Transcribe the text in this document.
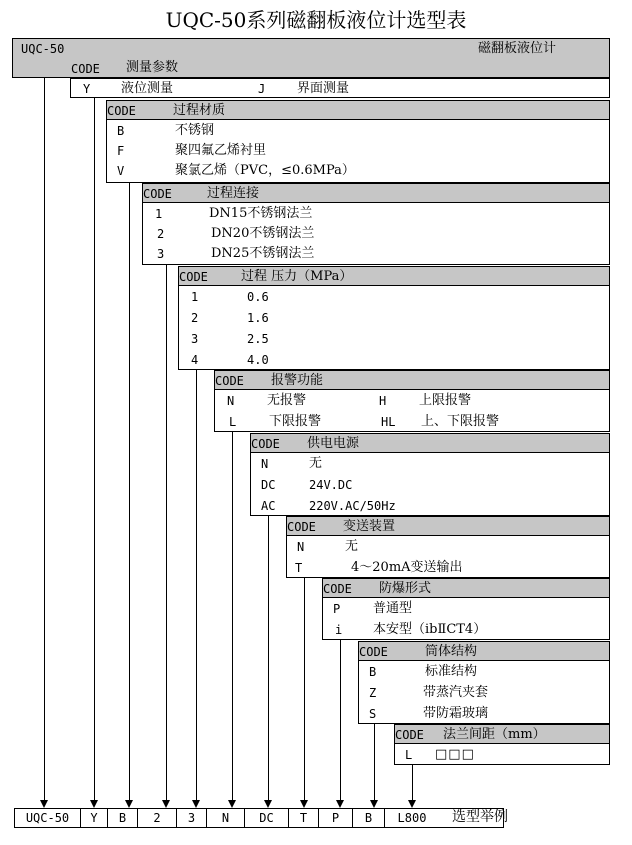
UQC-50系列磁翻板液位计选型表
UQC-50	磁翻板液位计
CODE 测量参数
Y 液位测量	J 界面测量
CODE	过程材质
B	不锈钢
F	聚四氟乙烯衬里
V	聚氯乙烯（PVC，≤0.6MPa）
CODE	过程连接
1	DN15不锈钢法兰
2	DN20不锈钢法兰
3	DN25不锈钢法兰
CODE	过程 压力（MPa）
1	0.6
2	1.6
3	2.5
4	4.0
CODE 报警功能
N	无报警	H	上限报警
L	下限报警	HL 上、下限报警
CODE 供电电源
N	无
DC	24V.DC
AC	220V.AC/50Hz
CODE 变送装置
N	无
T	4～20mA变送输出
CODE 防爆形式
P	普通型
i 本安型（ibⅡCT4）
CODE	筒体结构
B	标准结构
Z	带蒸汽夹套
S	带防霜玻璃
CODE 法兰间距（mm）
L □□□
UQC-50	Y	B	2	3	N	DC	T	P	B	L800	选型举例
